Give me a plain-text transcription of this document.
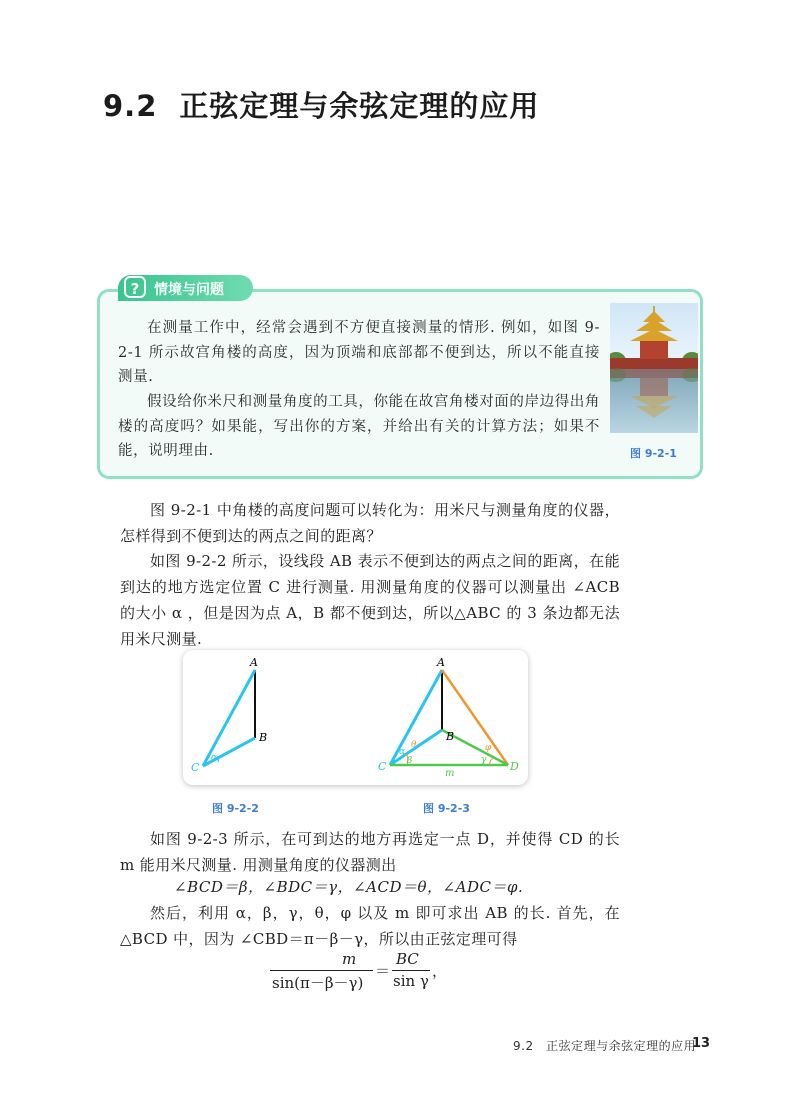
9.2 正弦定理与余弦定理的应用
?	情境与问题
在测量工作中，经常会遇到不方便直接测量的情形. 例如，如图 9-2-1 所示故宫角楼的高度，因为顶端和底部都不便到达，所以不能直接测量.
假设给你米尺和测量角度的工具，你能在故宫角楼对面的岸边得出角楼的高度吗？如果能，写出你的方案，并给出有关的计算方法；如果不能，说明理由.	图 9-2-1
图 9-2-1 中角楼的高度问题可以转化为：用米尺与测量角度的仪器，怎样得到不便到达的两点之间的距离？
如图 9-2-2 所示，设线段 AB 表示不便到达的两点之间的距离，在能到达的地方选定位置 C 进行测量. 用测量角度的仪器可以测量出 ∠ACB 的大小 α ，但是因为点 A，B 都不便到达，所以△ABC 的 3 条边都无法用米尺测量.
A
B
C
α
A
B
C	D
m
α
θ
β	γ
φ
图 9-2-2	图 9-2-3
如图 9-2-3 所示，在可到达的地方再选定一点 D，并使得 CD 的长 m 能用米尺测量. 用测量角度的仪器测出
∠BCD＝β，∠BDC＝γ，∠ACD＝θ，∠ADC＝φ.
然后，利用 α，β，γ，θ，φ 以及 m 即可求出 AB 的长. 首先，在△BCD 中，因为 ∠CBD＝π－β－γ，所以由正弦定理可得
m
sin(π－β－γ)
＝
BC
sin γ
，
9.2　正弦定理与余弦定理的应用
13
